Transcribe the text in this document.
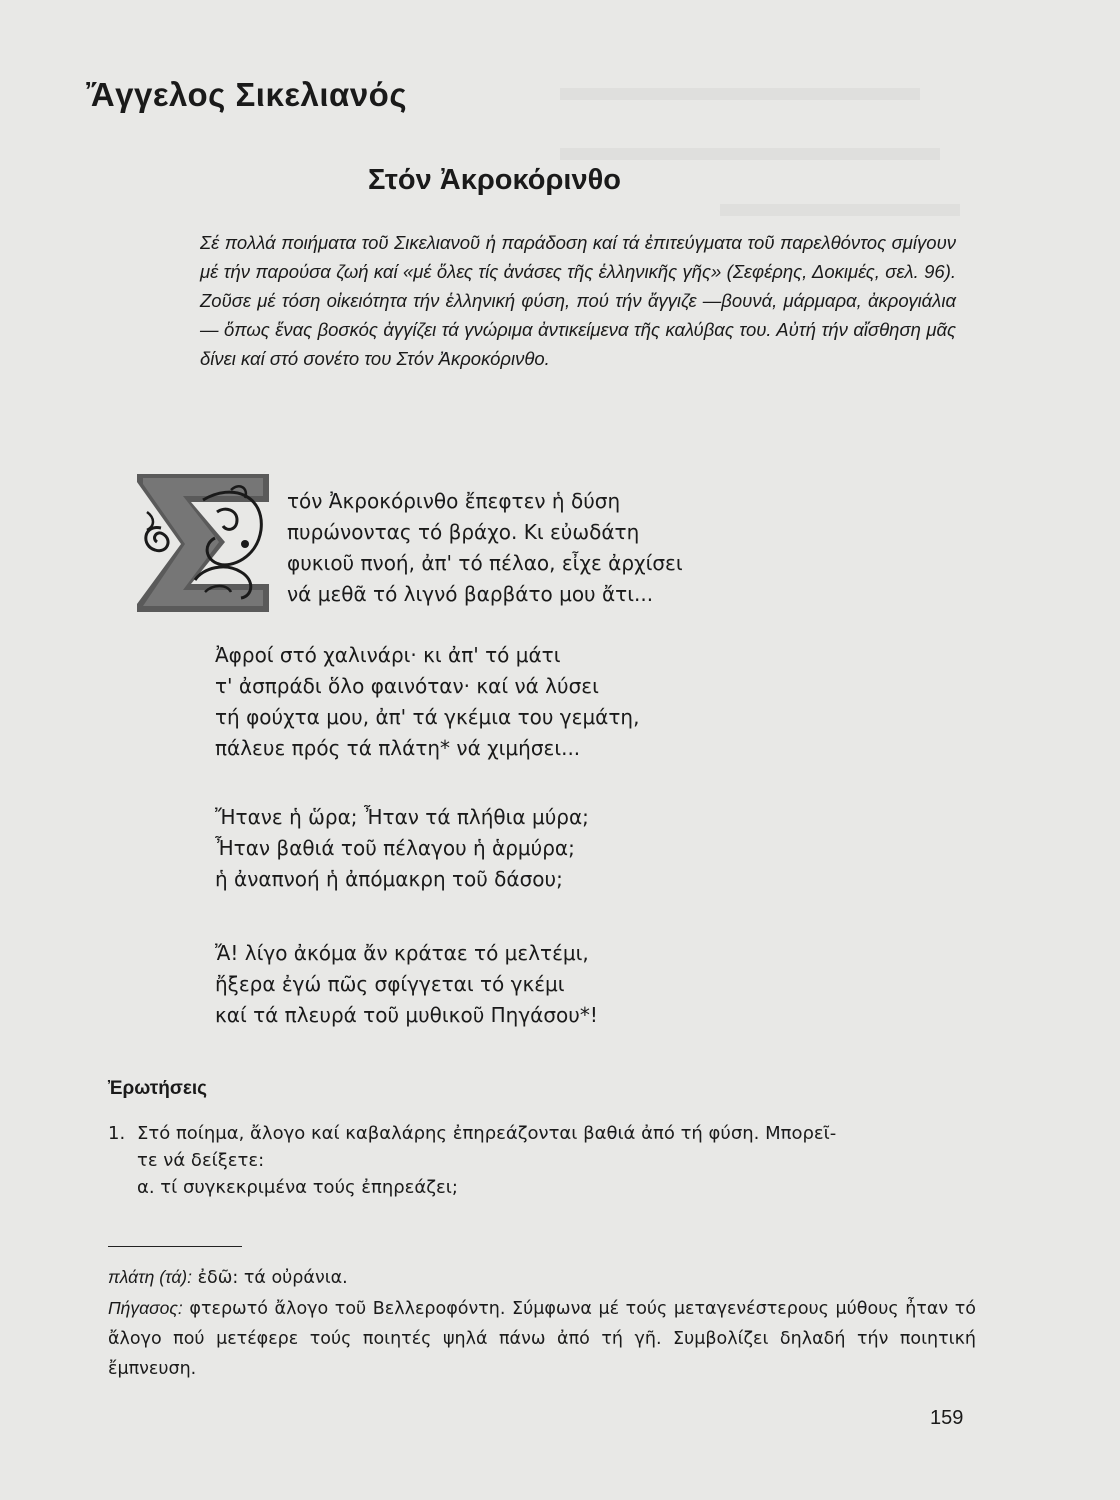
Ἄγγελος Σικελιανός
Στόν Ἀκροκόρινθο
Σέ πολλά ποιήματα τοῦ Σικελιανοῦ ἡ παράδοση καί τά ἐπιτεύγματα τοῦ παρελθόντος σμίγουν μέ τήν παρούσα ζωή καί «μέ ὅλες τίς ἀνάσες τῆς ἑλληνικῆς γῆς» (Σεφέρης, Δοκιμές, σελ. 96). Ζοῦσε μέ τόση οἰκειότητα τήν ἑλληνική φύση, πού τήν ἄγγιζε —βουνά, μάρμαρα, ἀκρογιάλια— ὅπως ἕνας βοσκός ἀγγίζει τά γνώριμα ἀντικείμενα τῆς καλύβας του. Αὐτή τήν αἴσθηση μᾶς δίνει καί στό σονέτο του Στόν Ἀκροκόρινθο.
τόν Ἀκροκόρινθο ἔπεφτεν ἡ δύση
πυρώνοντας τό βράχο. Κι εὐωδάτη
φυκιοῦ πνοή, ἀπ' τό πέλαο, εἶχε ἀρχίσει
νά μεθᾶ τό λιγνό βαρβάτο μου ἄτι...
Ἀφροί στό χαλινάρι· κι ἀπ' τό μάτι
τ' ἀσπράδι ὅλο φαινόταν· καί νά λύσει
τή φούχτα μου, ἀπ' τά γκέμια του γεμάτη,
πάλευε πρός τά πλάτη* νά χιμήσει...
Ἤτανε ἡ ὥρα; Ἦταν τά πλήθια μύρα;
Ἦταν βαθιά τοῦ πέλαγου ἡ ἁρμύρα;
ἡ ἀναπνοή ἡ ἀπόμακρη τοῦ δάσου;
Ἄ! λίγο ἀκόμα ἄν κράταε τό μελτέμι,
ἤξερα ἐγώ πῶς σφίγγεται τό γκέμι
καί τά πλευρά τοῦ μυθικοῦ Πηγάσου*!
Ἐρωτήσεις
1. Στό ποίημα, ἄλογο καί καβαλάρης ἐπηρεάζονται βαθιά ἀπό τή φύση. Μπορεῖ-
τε νά δείξετε:
α. τί συγκεκριμένα τούς ἐπηρεάζει;
πλάτη (τά): ἐδῶ: τά οὐράνια.
Πήγασος: φτερωτό ἄλογο τοῦ Βελλεροφόντη. Σύμφωνα μέ τούς μεταγενέστερους μύθους ἦταν τό ἄλογο πού μετέφερε τούς ποιητές ψηλά πάνω ἀπό τή γῆ. Συμβολίζει δηλαδή τήν ποιητική ἔμπνευση.
159
